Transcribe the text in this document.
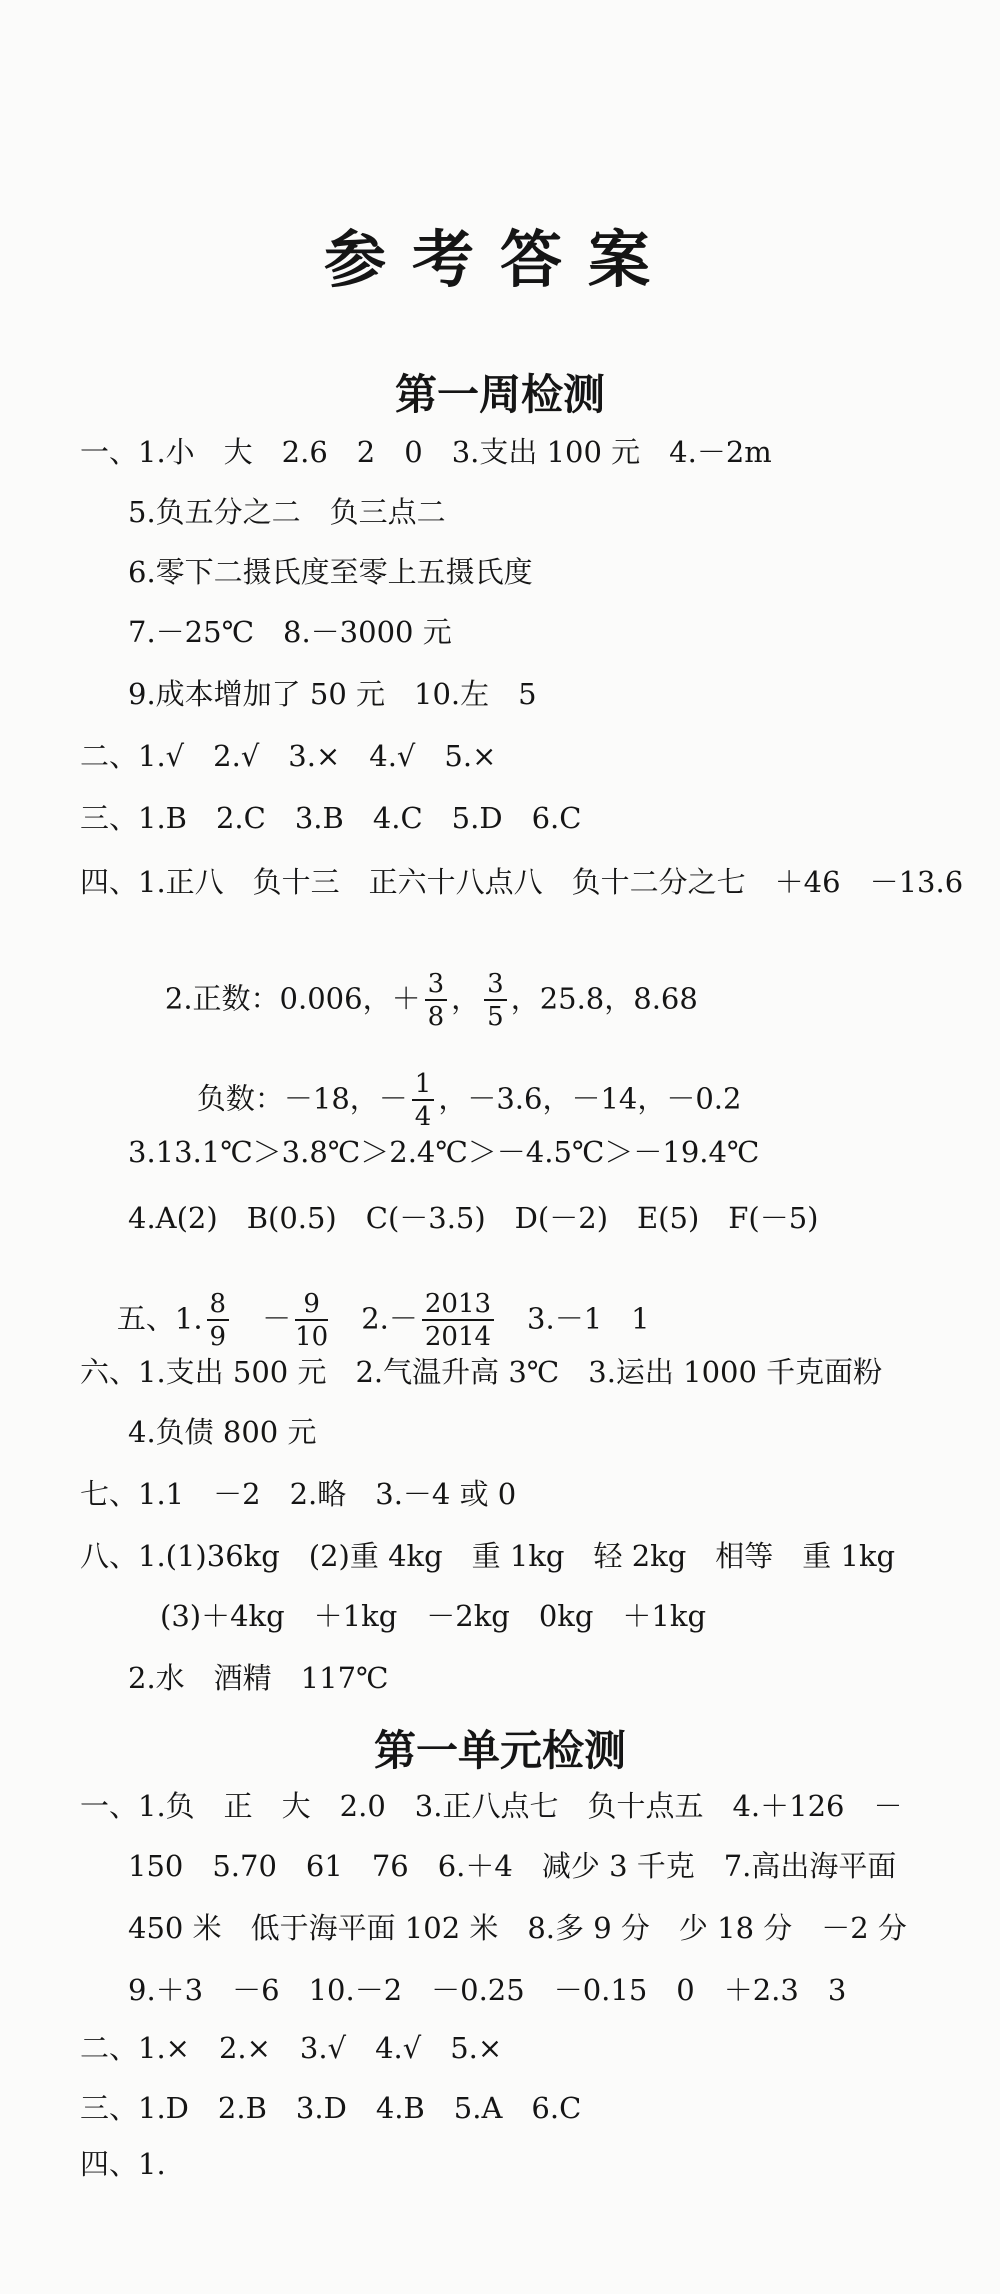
参考答案
第一周检测
一、1.小　大　2.6　2　0　3.支出 100 元　4.－2m
5.负五分之二　负三点二
6.零下二摄氏度至零上五摄氏度
7.－25℃　8.－3000 元
9.成本增加了 50 元　10.左　5
二、1.√　2.√　3.×　4.√　5.×
三、1.B　2.C　3.B　4.C　5.D　6.C
四、1.正八　负十三　正六十八点八　负十二分之七　＋46　－13.6

2.正数：0.006，＋ $\frac{3}{8}$ ， $\frac{3}{5}$ ，25.8，8.68

负数：－18，－ $\frac{1}{4}$ ，－3.6，－14，－0.2

3.13.1℃＞3.8℃＞2.4℃＞－4.5℃＞－19.4℃
4.A(2)　B(0.5)　C(－3.5)　D(－2)　E(5)　F(－5)

五、1. $\frac{8}{9}$ 　－ $\frac{9}{10}$ 　$2.- \frac{2013}{2014}$ 　3.－1　1

六、1.支出 500 元　2.气温升高 3℃　3.运出 1000 千克面粉
4.负债 800 元
七、1.1　－2　2.略　3.－4 或 0
八、1.(1)36kg　(2)重 4kg　重 1kg　轻 2kg　相等　重 1kg
(3)＋4kg　＋1kg　－2kg　0kg　＋1kg
2.水　酒精　117℃
第一单元检测
一、1.负　正　大　2.0　3.正八点七　负十点五　4.＋126　－
150　5.70　61　76　6.＋4　减少 3 千克　7.高出海平面
450 米　低于海平面 102 米　8.多 9 分　少 18 分　－2 分
9.＋3　－6　10.－2　－0.25　－0.15　0　＋2.3　3
二、1.×　2.×　3.√　4.√　5.×
三、1.D　2.B　3.D　4.B　5.A　6.C
四、1.
